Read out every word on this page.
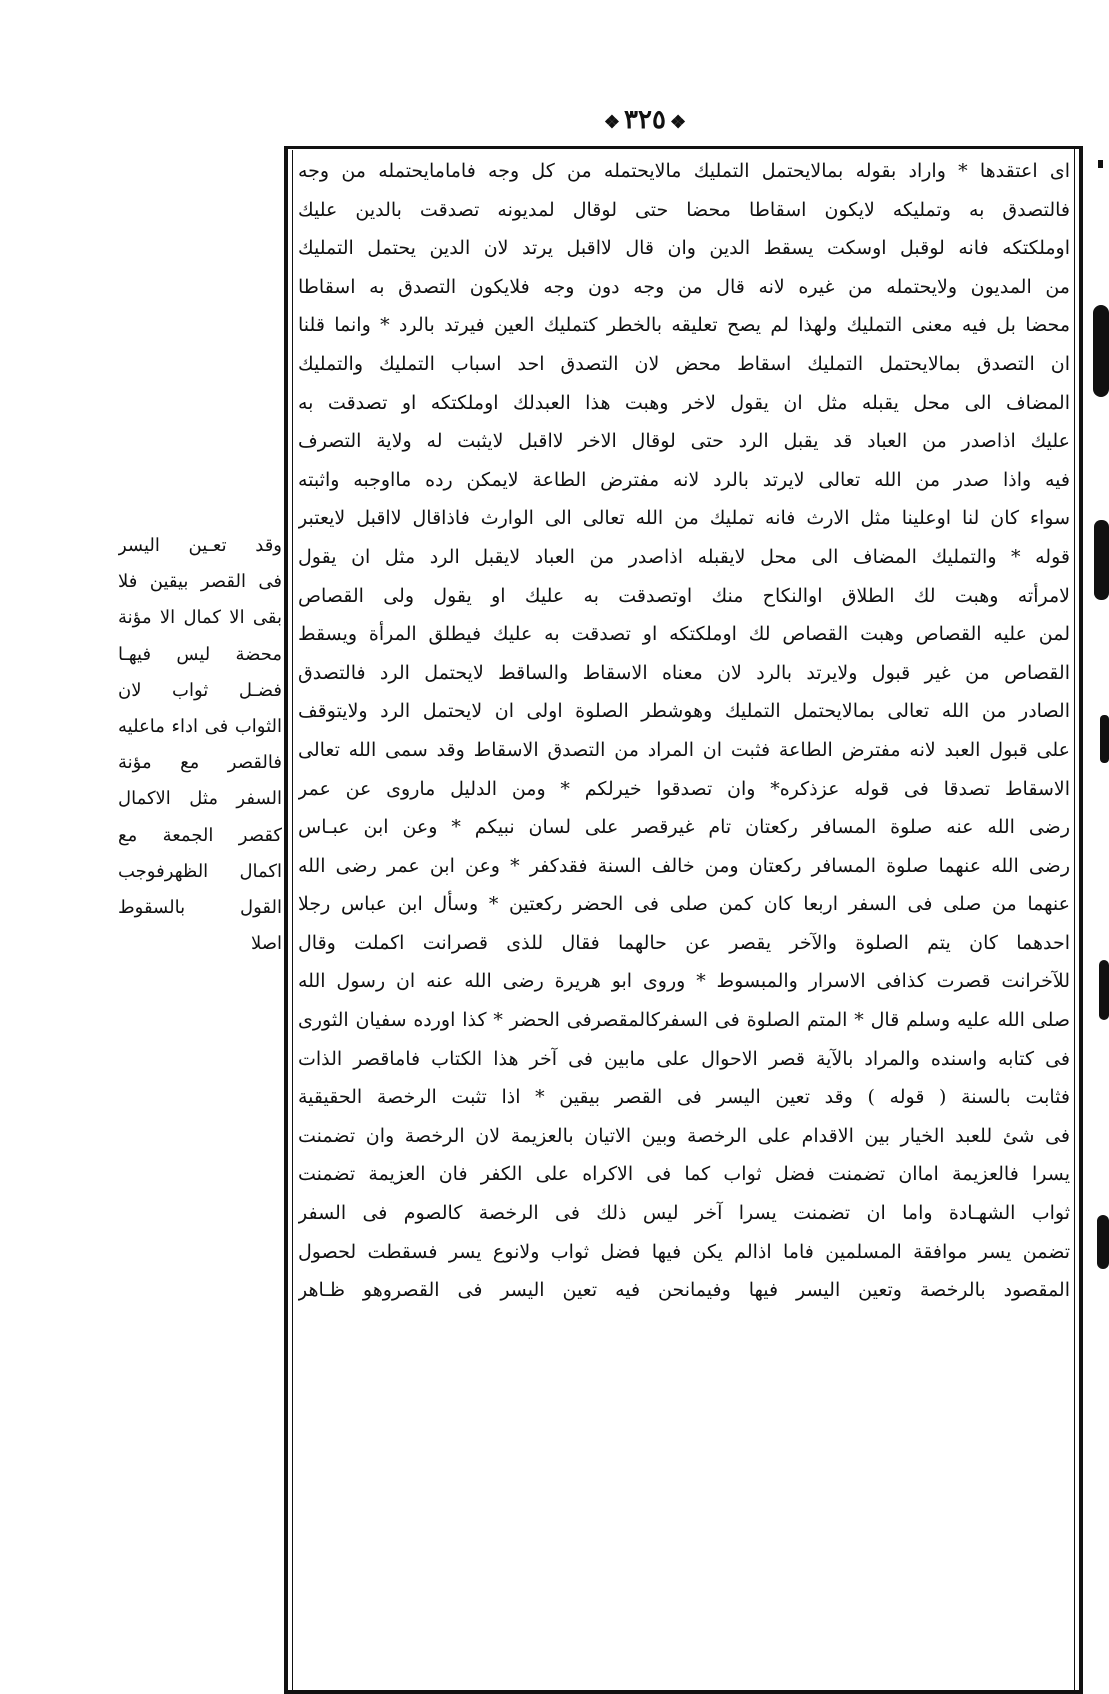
❖٣٢٥❖
اى اعتقدها * واراد بقوله بمالايحتمل التمليك مالايحتمله من كل وجه فامامايحتمله من وجه
فالتصدق به وتمليكه لايكون اسقاطا محضا حتى لوقال لمديونه تصدقت بالدين عليك
اوملكتكه فانه لوقبل اوسكت يسقط الدين وان قال لااقبل يرتد لان الدين يحتمل التمليك
من المديون ولايحتمله من غيره لانه قال من وجه دون وجه فلايكون التصدق به اسقاطا
محضا بل فيه معنى التمليك ولهذا لم يصح تعليقه بالخطر كتمليك العين فيرتد بالرد * وانما قلنا
ان التصدق بمالايحتمل التمليك اسقاط محض لان التصدق احد اسباب التمليك والتمليك
المضاف الى محل يقبله مثل ان يقول لاخر وهبت هذا العبدلك اوملكتكه او تصدقت به
عليك اذاصدر من العباد قد يقبل الرد حتى لوقال الاخر لااقبل لايثبت له ولاية التصرف
فيه واذا صدر من الله تعالى لايرتد بالرد لانه مفترض الطاعة لايمكن رده مااوجبه واثبته
سواء كان لنا اوعلينا مثل الارث فانه تمليك من الله تعالى الى الوارث فاذاقال لااقبل لايعتبر
قوله * والتمليك المضاف الى محل لايقبله اذاصدر من العباد لايقبل الرد مثل ان يقول
لامرأته وهبت لك الطلاق اوالنكاح منك اوتصدقت به عليك او يقول ولى القصاص
لمن عليه القصاص وهبت القصاص لك اوملكتكه او تصدقت به عليك فيطلق المرأة ويسقط
القصاص من غير قبول ولايرتد بالرد لان معناه الاسقاط والساقط لايحتمل الرد فالتصدق
الصادر من الله تعالى بمالايحتمل التمليك وهوشطر الصلوة اولى ان لايحتمل الرد ولايتوقف
على قبول العبد لانه مفترض الطاعة فثبت ان المراد من التصدق الاسقاط وقد سمى الله تعالى
الاسقاط تصدقا فى قوله عزذكره* وان تصدقوا خيرلكم * ومن الدليل ماروى عن عمر
رضى الله عنه صلوة المسافر ركعتان تام غيرقصر على لسان نبيكم * وعن ابن عبـاس
رضى الله عنهما صلوة المسافر ركعتان ومن خالف السنة فقدكفر * وعن ابن عمر رضى الله
عنهما من صلى فى السفر اربعا كان كمن صلى فى الحضر ركعتين * وسأل ابن عباس رجلا
احدهما كان يتم الصلوة والآخر يقصر عن حالهما فقال للذى قصرانت اكملت وقال
للآخرانت قصرت كذافى الاسرار والمبسوط * وروى ابو هريرة رضى الله عنه ان رسول الله
صلى الله عليه وسلم قال * المتم الصلوة فى السفركالمقصرفى الحضر * كذا اورده سفيان الثورى
فى كتابه واسنده والمراد بالآية قصر الاحوال على مابين فى آخر هذا الكتاب فاماقصر الذات
فثابت بالسنة ( قوله ) وقد تعين اليسر فى القصر بيقين * اذا تثبت الرخصة الحقيقية
فى شئ للعبد الخيار بين الاقدام على الرخصة وبين الاتيان بالعزيمة لان الرخصة وان تضمنت
يسرا فالعزيمة اماان تضمنت فضل ثواب كما فى الاكراه على الكفر فان العزيمة تضمنت
ثواب الشهـادة واما ان تضمنت يسرا آخر ليس ذلك فى الرخصة كالصوم فى السفر
تضمن يسر موافقة المسلمين فاما اذالم يكن فيها فضل ثواب ولانوع يسر فسقطت لحصول
المقصود بالرخصة وتعين اليسر فيها وفيمانحن فيه تعين اليسر فى القصروهو ظـاهر
وقد تعـين اليسر
فى القصر بيقين فلا
بقى الا كمال الا مؤنة
محضة ليس فيهـا
فضـل ثواب لان
الثواب فى اداء ماعليه
فالقصر مع مؤنة
السفر مثل الاكمال
كقصر الجمعة مع
اكمال الظهرفوجب
القول بالسقوط
اصلا
